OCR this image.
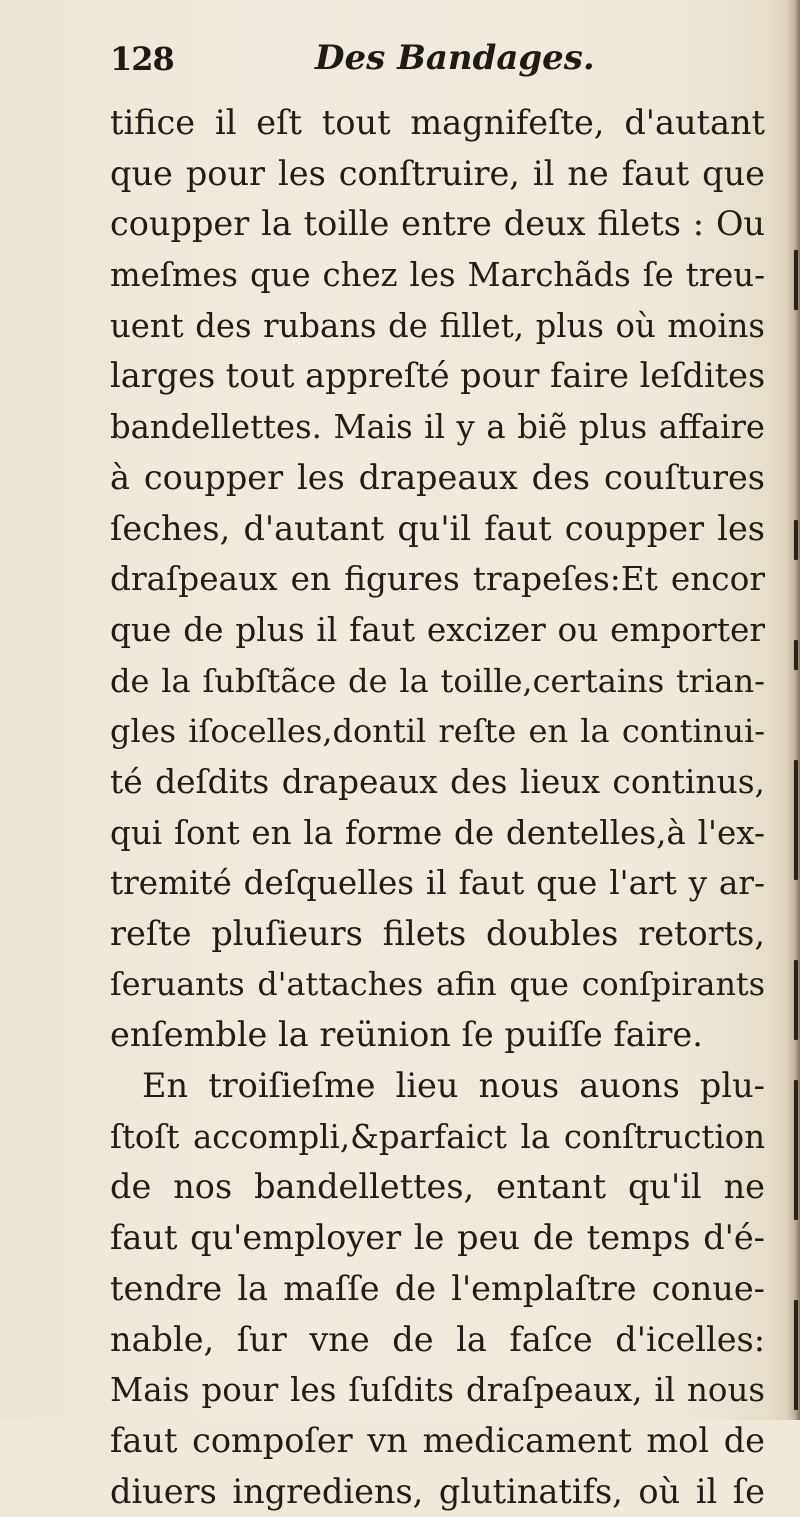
128	Des Bandages.
tifice il eſt tout magnifeſte, d'autant
que pour les conſtruire, il ne faut que
coupper la toille entre deux filets : Ou
meſmes que chez les Marchãds ſe treu-
uent des rubans de fillet, plus où moins
larges tout appreſté pour faire leſdites
bandellettes. Mais il y a biẽ plus affaire
à coupper les drapeaux des couſtures
ſeches, d'autant qu'il faut coupper les
draſpeaux en figures trapeſes:Et encor
que de plus il faut excizer ou emporter
de la ſubſtãce de la toille,certains trian-
gles iſocelles,dontil reſte en la continui-
té deſdits drapeaux des lieux continus,
qui ſont en la forme de dentelles,à l'ex-
tremité deſquelles il faut que l'art y ar-
reſte pluſieurs filets doubles retorts,
ſeruants d'attaches afin que conſpirants
enſemble la reünion ſe puiſſe faire.
En troiſieſme lieu nous auons plu-
ſtoſt accompli,&parfaict la conſtruction
de nos bandellettes, entant qu'il ne
faut qu'employer le peu de temps d'é-
tendre la maſſe de l'emplaſtre conue-
nable, ſur vne de la faſce d'icelles:
Mais pour les ſuſdits draſpeaux, il nous
faut compoſer vn medicament mol de
diuers ingrediens, glutinatifs, où il ſe
